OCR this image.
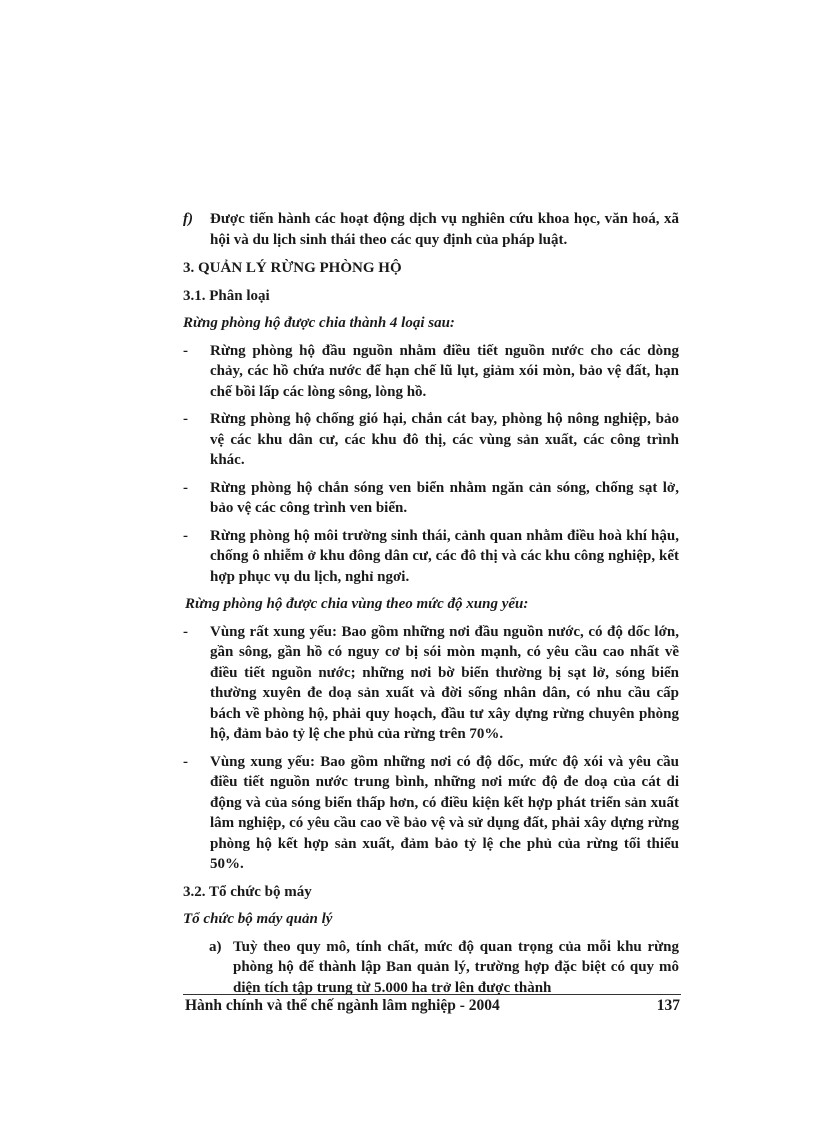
f) Được tiến hành các hoạt động dịch vụ nghiên cứu khoa học, văn hoá, xã hội và du lịch sinh thái theo các quy định của pháp luật.
3. QUẢN LÝ RỪNG PHÒNG HỘ
3.1. Phân loại
Rừng phòng hộ được chia thành 4 loại sau:
- Rừng phòng hộ đầu nguồn nhằm điều tiết nguồn nước cho các dòng chảy, các hồ chứa nước để hạn chế lũ lụt, giảm xói mòn, bảo vệ đất, hạn chế bồi lấp các lòng sông, lòng hồ.
- Rừng phòng hộ chống gió hại, chắn cát bay, phòng hộ nông nghiệp, bảo vệ các khu dân cư, các khu đô thị, các vùng sản xuất, các công trình khác.
- Rừng phòng hộ chắn sóng ven biển nhằm ngăn cản sóng, chống sạt lở, bảo vệ các công trình ven biển.
- Rừng phòng hộ môi trường sinh thái, cảnh quan nhằm điều hoà khí hậu, chống ô nhiễm ở khu đông dân cư, các đô thị và các khu công nghiệp, kết hợp phục vụ du lịch, nghỉ ngơi.
Rừng phòng hộ được chia vùng theo mức độ xung yếu:
- Vùng rất xung yếu: Bao gồm những nơi đầu nguồn nước, có độ dốc lớn, gần sông, gần hồ có nguy cơ bị sói mòn mạnh, có yêu cầu cao nhất về điều tiết nguồn nước; những nơi bờ biển thường bị sạt lở, sóng biển thường xuyên đe doạ sản xuất và đời sống nhân dân, có nhu cầu cấp bách về phòng hộ, phải quy hoạch, đầu tư xây dựng rừng chuyên phòng hộ, đảm bảo tỷ lệ che phủ của rừng trên 70%.
- Vùng xung yếu: Bao gồm những nơi có độ dốc, mức độ xói và yêu cầu điều tiết nguồn nước trung bình, những nơi mức độ đe doạ của cát di động và của sóng biển thấp hơn, có điều kiện kết hợp phát triển sản xuất lâm nghiệp, có yêu cầu cao về bảo vệ và sử dụng đất, phải xây dựng rừng phòng hộ kết hợp sản xuất, đảm bảo tỷ lệ che phủ của rừng tối thiểu 50%.
3.2. Tổ chức bộ máy
Tổ chức bộ máy quản lý
a) Tuỳ theo quy mô, tính chất, mức độ quan trọng của mỗi khu rừng phòng hộ để thành lập Ban quản lý, trường hợp đặc biệt có quy mô diện tích tập trung từ 5.000 ha trở lên được thành
Hành chính và thể chế ngành lâm nghiệp - 2004	137
